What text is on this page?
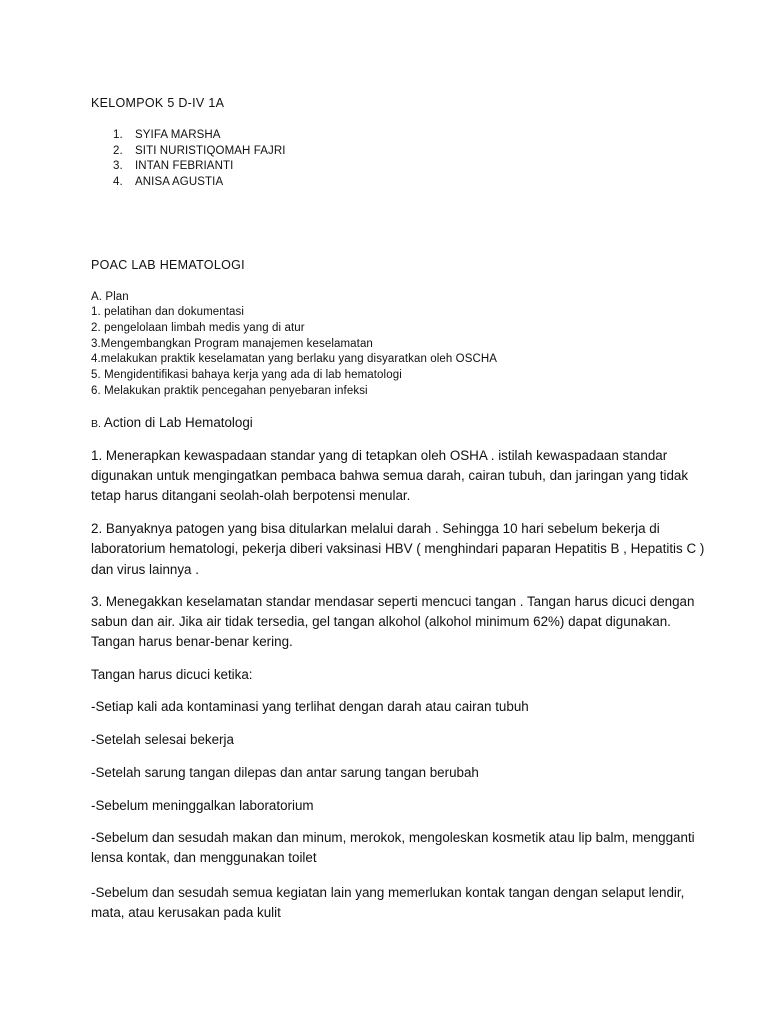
KELOMPOK 5 D-IV 1A

1. SYIFA MARSHA
2. SITI NURISTIQOMAH FAJRI
3. INTAN FEBRIANTI
4. ANISA AGUSTIA

POAC LAB HEMATOLOGI

A. Plan

1. pelatihan dan dokumentasi

2. pengelolaan limbah medis yang di atur

3.Mengembangkan Program manajemen keselamatan

4.melakukan praktik keselamatan yang berlaku yang disyaratkan oleh OSCHA

5. Mengidentifikasi bahaya kerja yang ada di lab hematologi

6. Melakukan praktik pencegahan penyebaran infeksi

B. Action di Lab Hematologi

1. Menerapkan kewaspadaan standar yang di tetapkan oleh OSHA . istilah kewaspadaan standar

digunakan untuk mengingatkan pembaca bahwa semua darah, cairan tubuh, dan jaringan yang tidak

tetap harus ditangani seolah-olah berpotensi menular.

2. Banyaknya patogen yang bisa ditularkan melalui darah . Sehingga 10 hari sebelum bekerja di

laboratorium hematologi, pekerja diberi vaksinasi HBV ( menghindari paparan Hepatitis B , Hepatitis C )

dan virus lainnya .

3. Menegakkan keselamatan standar mendasar seperti mencuci tangan . Tangan harus dicuci dengan

sabun dan air. Jika air tidak tersedia, gel tangan alkohol (alkohol minimum 62%) dapat digunakan.

Tangan harus benar-benar kering.

Tangan harus dicuci ketika:

-Setiap kali ada kontaminasi yang terlihat dengan darah atau cairan tubuh

-Setelah selesai bekerja

-Setelah sarung tangan dilepas dan antar sarung tangan berubah

-Sebelum meninggalkan laboratorium

-Sebelum dan sesudah makan dan minum, merokok, mengoleskan kosmetik atau lip balm, mengganti

lensa kontak, dan menggunakan toilet

-Sebelum dan sesudah semua kegiatan lain yang memerlukan kontak tangan dengan selaput lendir,

mata, atau kerusakan pada kulit
